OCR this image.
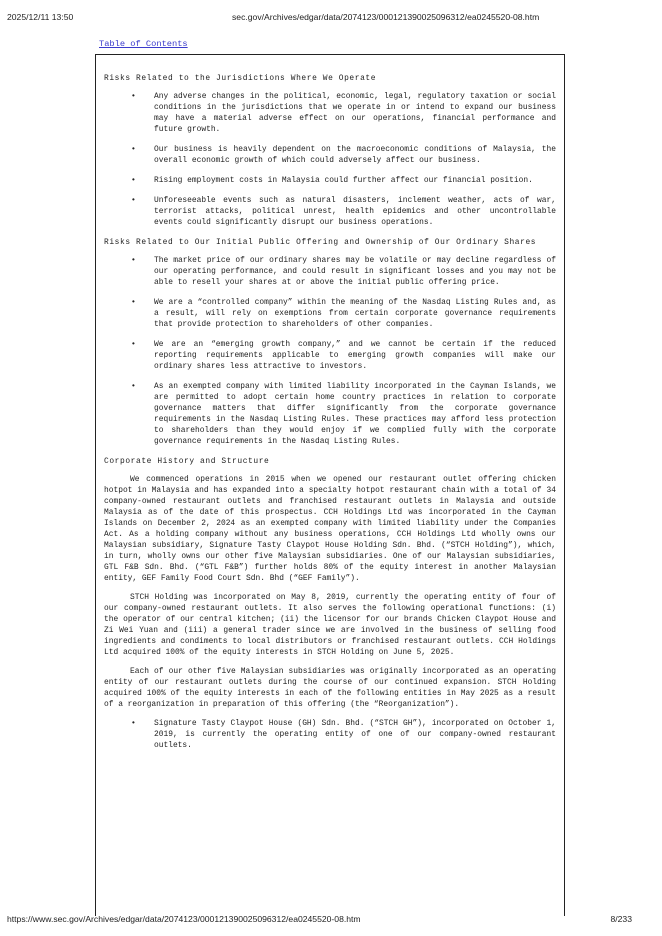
2025/12/11 13:50	sec.gov/Archives/edgar/data/2074123/000121390025096312/ea0245520-08.htm
Table of Contents

Risks Related to the Jurisdictions Where We Operate

• Any adverse changes in the political, economic, legal, regulatory taxation or social conditions in the jurisdictions that we operate in or intend to expand our business may have a material adverse effect on our operations, financial performance and future growth.
• Our business is heavily dependent on the macroeconomic conditions of Malaysia, the overall economic growth of which could adversely affect our business.
• Rising employment costs in Malaysia could further affect our financial position.
• Unforeseeable events such as natural disasters, inclement weather, acts of war, terrorist attacks, political unrest, health epidemics and other uncontrollable events could significantly disrupt our business operations.

Risks Related to Our Initial Public Offering and Ownership of Our Ordinary Shares

• The market price of our ordinary shares may be volatile or may decline regardless of our operating performance, and could result in significant losses and you may not be able to resell your shares at or above the initial public offering price.
• We are a “controlled company” within the meaning of the Nasdaq Listing Rules and, as a result, will rely on exemptions from certain corporate governance requirements that provide protection to shareholders of other companies.
• We are an “emerging growth company,” and we cannot be certain if the reduced reporting requirements applicable to emerging growth companies will make our ordinary shares less attractive to investors.
• As an exempted company with limited liability incorporated in the Cayman Islands, we are permitted to adopt certain home country practices in relation to corporate governance matters that differ significantly from the corporate governance requirements in the Nasdaq Listing Rules. These practices may afford less protection to shareholders than they would enjoy if we complied fully with the corporate governance requirements in the Nasdaq Listing Rules.

Corporate History and Structure

We commenced operations in 2015 when we opened our restaurant outlet offering chicken hotpot in Malaysia and has expanded into a specialty hotpot restaurant chain with a total of 34 company-owned restaurant outlets and franchised restaurant outlets in Malaysia and outside Malaysia as of the date of this prospectus. CCH Holdings Ltd was incorporated in the Cayman Islands on December 2, 2024 as an exempted company with limited liability under the Companies Act. As a holding company without any business operations, CCH Holdings Ltd wholly owns our Malaysian subsidiary, Signature Tasty Claypot House Holding Sdn. Bhd. (“STCH Holding”), which, in turn, wholly owns our other five Malaysian subsidiaries. One of our Malaysian subsidiaries, GTL F&B Sdn. Bhd. (“GTL F&B”) further holds 80% of the equity interest in another Malaysian entity, GEF Family Food Court Sdn. Bhd (“GEF Family”).

STCH Holding was incorporated on May 8, 2019, currently the operating entity of four of our company-owned restaurant outlets. It also serves the following operational functions: (i) the operator of our central kitchen; (ii) the licensor for our brands Chicken Claypot House and Zi Wei Yuan and (iii) a general trader since we are involved in the business of selling food ingredients and condiments to local distributors or franchised restaurant outlets. CCH Holdings Ltd acquired 100% of the equity interests in STCH Holding on June 5, 2025.

Each of our other five Malaysian subsidiaries was originally incorporated as an operating entity of our restaurant outlets during the course of our continued expansion. STCH Holding acquired 100% of the equity interests in each of the following entities in May 2025 as a result of a reorganization in preparation of this offering (the “Reorganization”).

• Signature Tasty Claypot House (GH) Sdn. Bhd. (“STCH GH”), incorporated on October 1, 2019, is currently the operating entity of one of our company-owned restaurant outlets.
https://www.sec.gov/Archives/edgar/data/2074123/000121390025096312/ea0245520-08.htm	8/233
